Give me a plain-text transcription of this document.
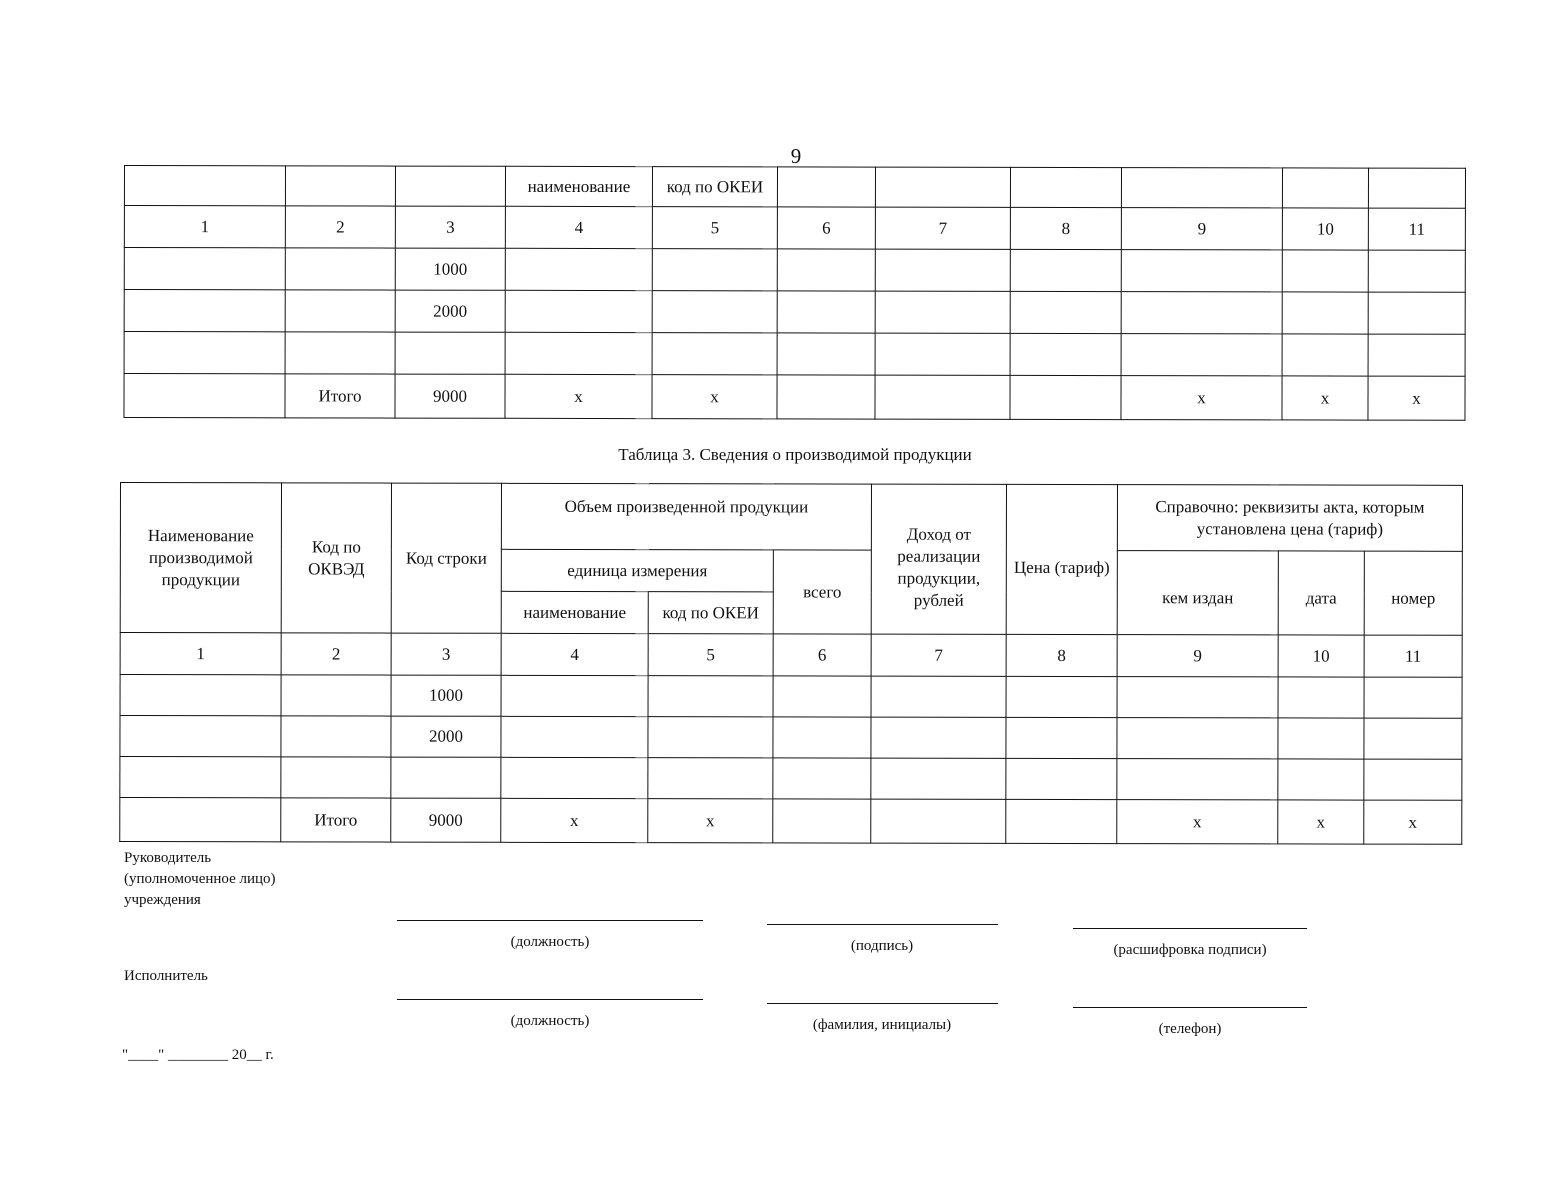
9
			наименование	код по ОКЕИ						
1	2	3	4	5	6	7	8	9	10	11
		1000								
		2000								

	Итого	9000	x	x				x	x	x
Таблица 3. Сведения о производимой продукции
Наименование производимой продукции	Код по ОКВЭД	Код строки	Объем произведенной продукции			Доход от реализации продукции, рублей	Цена (тариф)	Справочно: реквизиты акта, которым установлена цена (тариф)		
			единица измерения		всего			кем издан	дата	номер
			наименование	код по ОКЕИ						
1	2	3	4	5	6	7	8	9	10	11
		1000								
		2000								

	Итого	9000	x	x				x	x	x
Руководитель
(уполномоченное лицо)
учреждения
(должность)	(подпись)	(расшифровка подписи)
Исполнитель
(должность)	(фамилия, инициалы)	(телефон)
"____" ________ 20__ г.
